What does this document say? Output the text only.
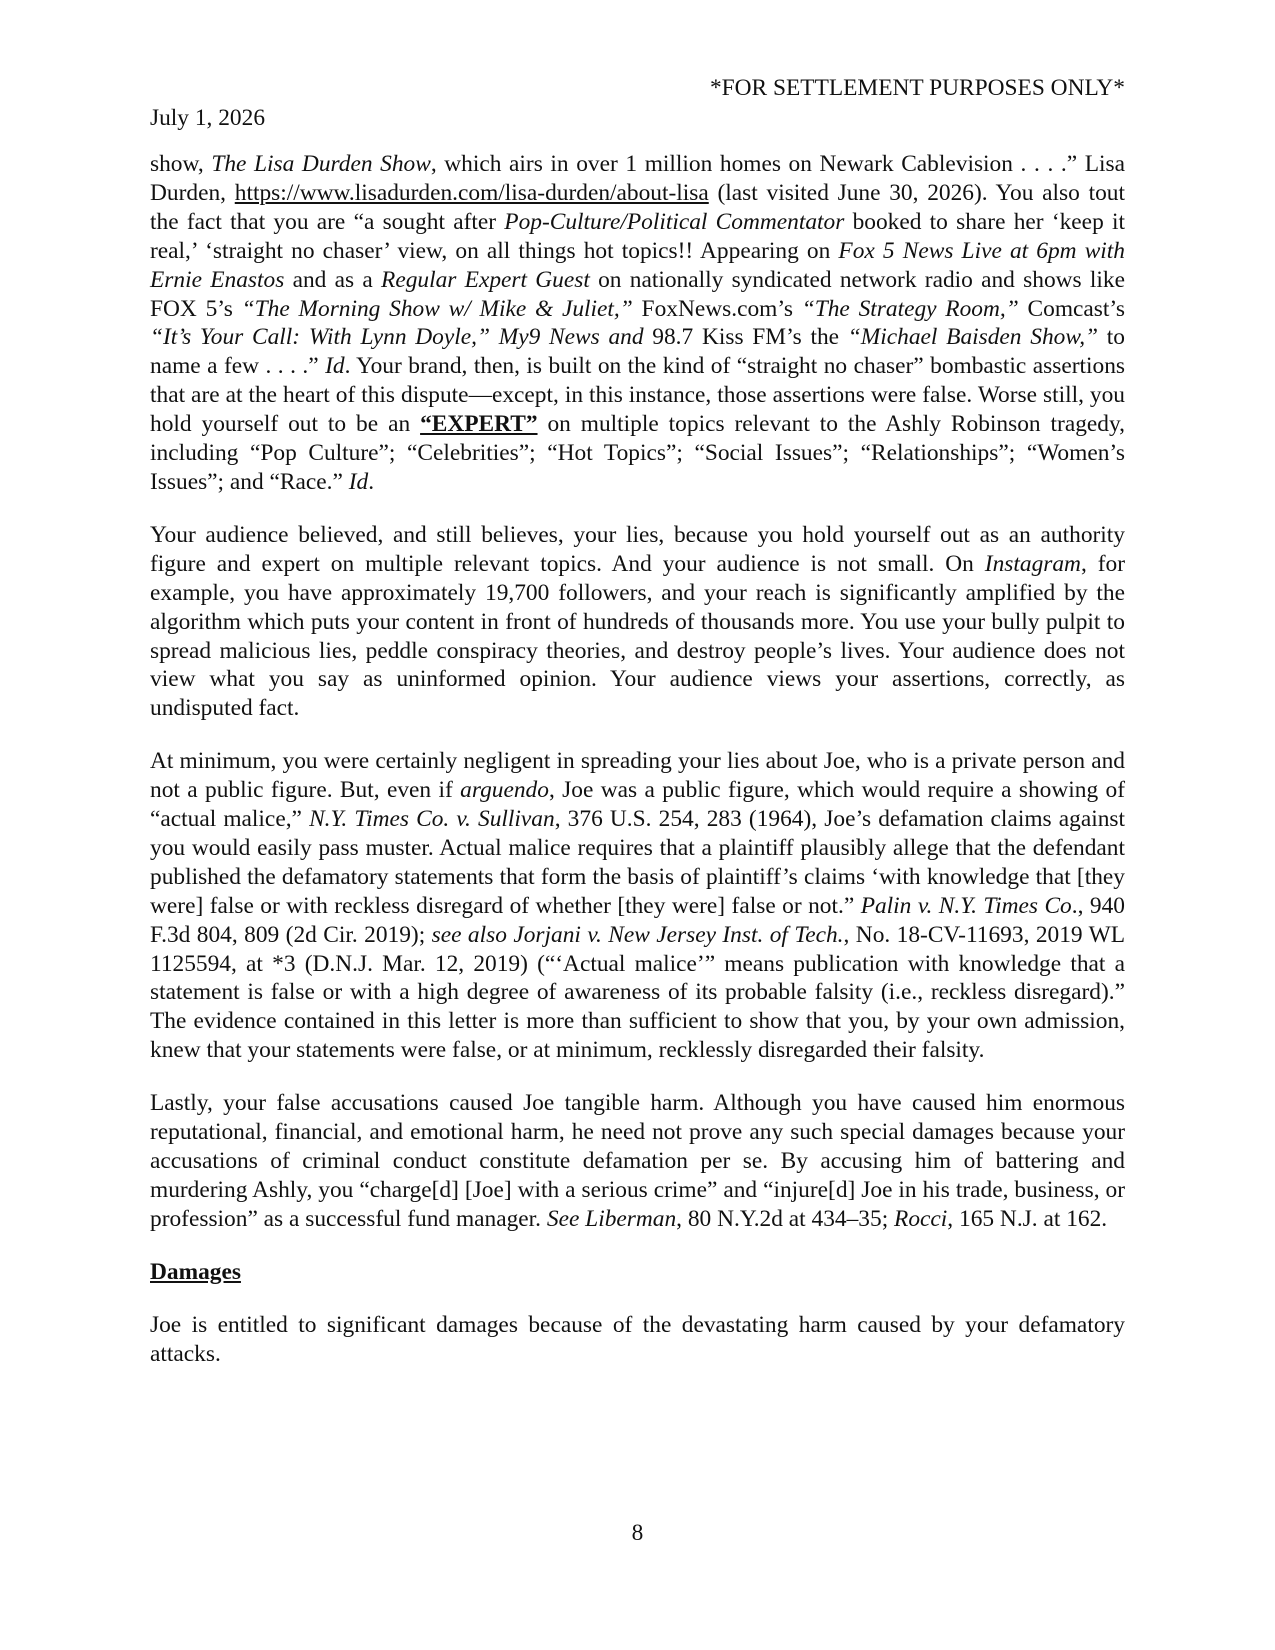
*FOR SETTLEMENT PURPOSES ONLY*
July 1, 2026

show, The Lisa Durden Show, which airs in over 1 million homes on Newark Cablevision . . . .” Lisa Durden, https://www.lisadurden.com/lisa-durden/about-lisa (last visited June 30, 2026). You also tout the fact that you are “a sought after Pop-Culture/Political Commentator booked to share her ‘keep it real,’ ‘straight no chaser’ view, on all things hot topics!! Appearing on Fox 5 News Live at 6pm with Ernie Enastos and as a Regular Expert Guest on nationally syndicated network radio and shows like FOX 5’s “The Morning Show w/ Mike & Juliet,” FoxNews.com’s “The Strategy Room,” Comcast’s “It’s Your Call: With Lynn Doyle,” My9 News and 98.7 Kiss FM’s the “Michael Baisden Show,” to name a few . . . .” Id. Your brand, then, is built on the kind of “straight no chaser” bombastic assertions that are at the heart of this dispute—except, in this instance, those assertions were false. Worse still, you hold yourself out to be an “EXPERT” on multiple topics relevant to the Ashly Robinson tragedy, including “Pop Culture”; “Celebrities”; “Hot Topics”; “Social Issues”; “Relationships”; “Women’s Issues”; and “Race.” Id.

Your audience believed, and still believes, your lies, because you hold yourself out as an authority figure and expert on multiple relevant topics. And your audience is not small. On Instagram, for example, you have approximately 19,700 followers, and your reach is significantly amplified by the algorithm which puts your content in front of hundreds of thousands more. You use your bully pulpit to spread malicious lies, peddle conspiracy theories, and destroy people’s lives. Your audience does not view what you say as uninformed opinion. Your audience views your assertions, correctly, as undisputed fact.

At minimum, you were certainly negligent in spreading your lies about Joe, who is a private person and not a public figure. But, even if arguendo, Joe was a public figure, which would require a showing of “actual malice,” N.Y. Times Co. v. Sullivan, 376 U.S. 254, 283 (1964), Joe’s defamation claims against you would easily pass muster. Actual malice requires that a plaintiff plausibly allege that the defendant published the defamatory statements that form the basis of plaintiff’s claims ‘with knowledge that [they were] false or with reckless disregard of whether [they were] false or not.” Palin v. N.Y. Times Co., 940 F.3d 804, 809 (2d Cir. 2019); see also Jorjani v. New Jersey Inst. of Tech., No. 18-CV-11693, 2019 WL 1125594, at *3 (D.N.J. Mar. 12, 2019) (“‘Actual malice’” means publication with knowledge that a statement is false or with a high degree of awareness of its probable falsity (i.e., reckless disregard).” The evidence contained in this letter is more than sufficient to show that you, by your own admission, knew that your statements were false, or at minimum, recklessly disregarded their falsity.

Lastly, your false accusations caused Joe tangible harm. Although you have caused him enormous reputational, financial, and emotional harm, he need not prove any such special damages because your accusations of criminal conduct constitute defamation per se. By accusing him of battering and murdering Ashly, you “charge[d] [Joe] with a serious crime” and “injure[d] Joe in his trade, business, or profession” as a successful fund manager. See Liberman, 80 N.Y.2d at 434–35; Rocci, 165 N.J. at 162.

Damages

Joe is entitled to significant damages because of the devastating harm caused by your defamatory attacks.

8
